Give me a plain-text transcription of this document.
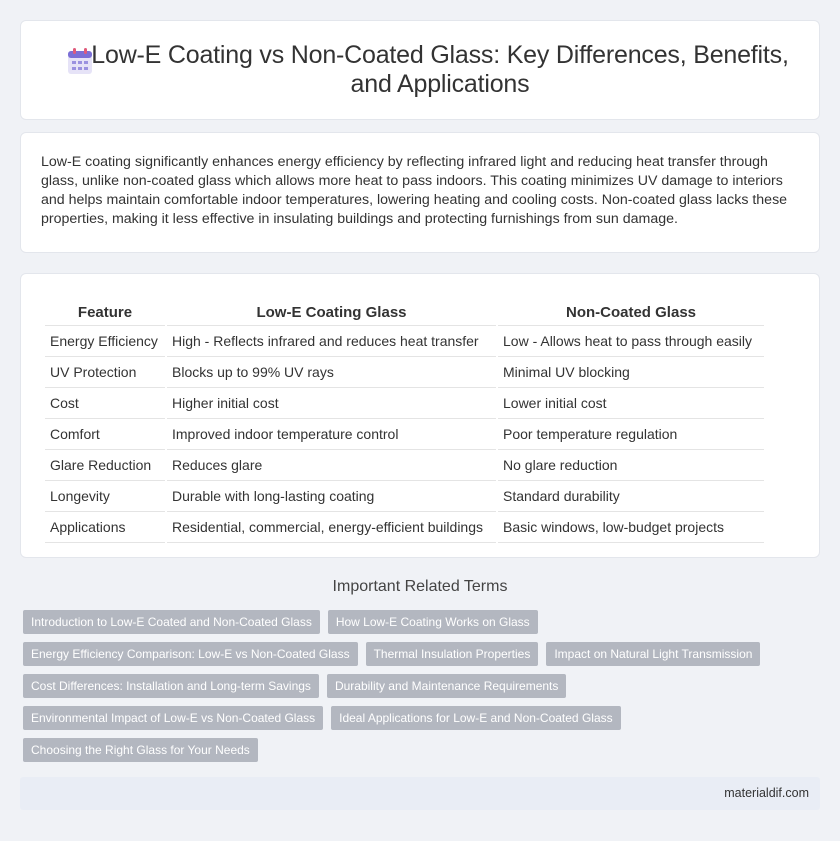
Low-E Coating vs Non-Coated Glass: Key Differences, Benefits, and Applications

Low-E coating significantly enhances energy efficiency by reflecting infrared light and reducing heat transfer through glass, unlike non-coated glass which allows more heat to pass indoors. This coating minimizes UV damage to interiors and helps maintain comfortable indoor temperatures, lowering heating and cooling costs. Non-coated glass lacks these properties, making it less effective in insulating buildings and protecting furnishings from sun damage.

Feature	Low-E Coating Glass	Non-Coated Glass
Energy Efficiency	High - Reflects infrared and reduces heat transfer	Low - Allows heat to pass through easily
UV Protection	Blocks up to 99% UV rays	Minimal UV blocking
Cost	Higher initial cost	Lower initial cost
Comfort	Improved indoor temperature control	Poor temperature regulation
Glare Reduction	Reduces glare	No glare reduction
Longevity	Durable with long-lasting coating	Standard durability
Applications	Residential, commercial, energy-efficient buildings	Basic windows, low-budget projects
Important Related Terms
Introduction to Low-E Coated and Non-Coated Glass	How Low-E Coating Works on Glass
Energy Efficiency Comparison: Low-E vs Non-Coated Glass	Thermal Insulation Properties	Impact on Natural Light Transmission
Cost Differences: Installation and Long-term Savings	Durability and Maintenance Requirements
Environmental Impact of Low-E vs Non-Coated Glass	Ideal Applications for Low-E and Non-Coated Glass
Choosing the Right Glass for Your Needs
materialdif.com
